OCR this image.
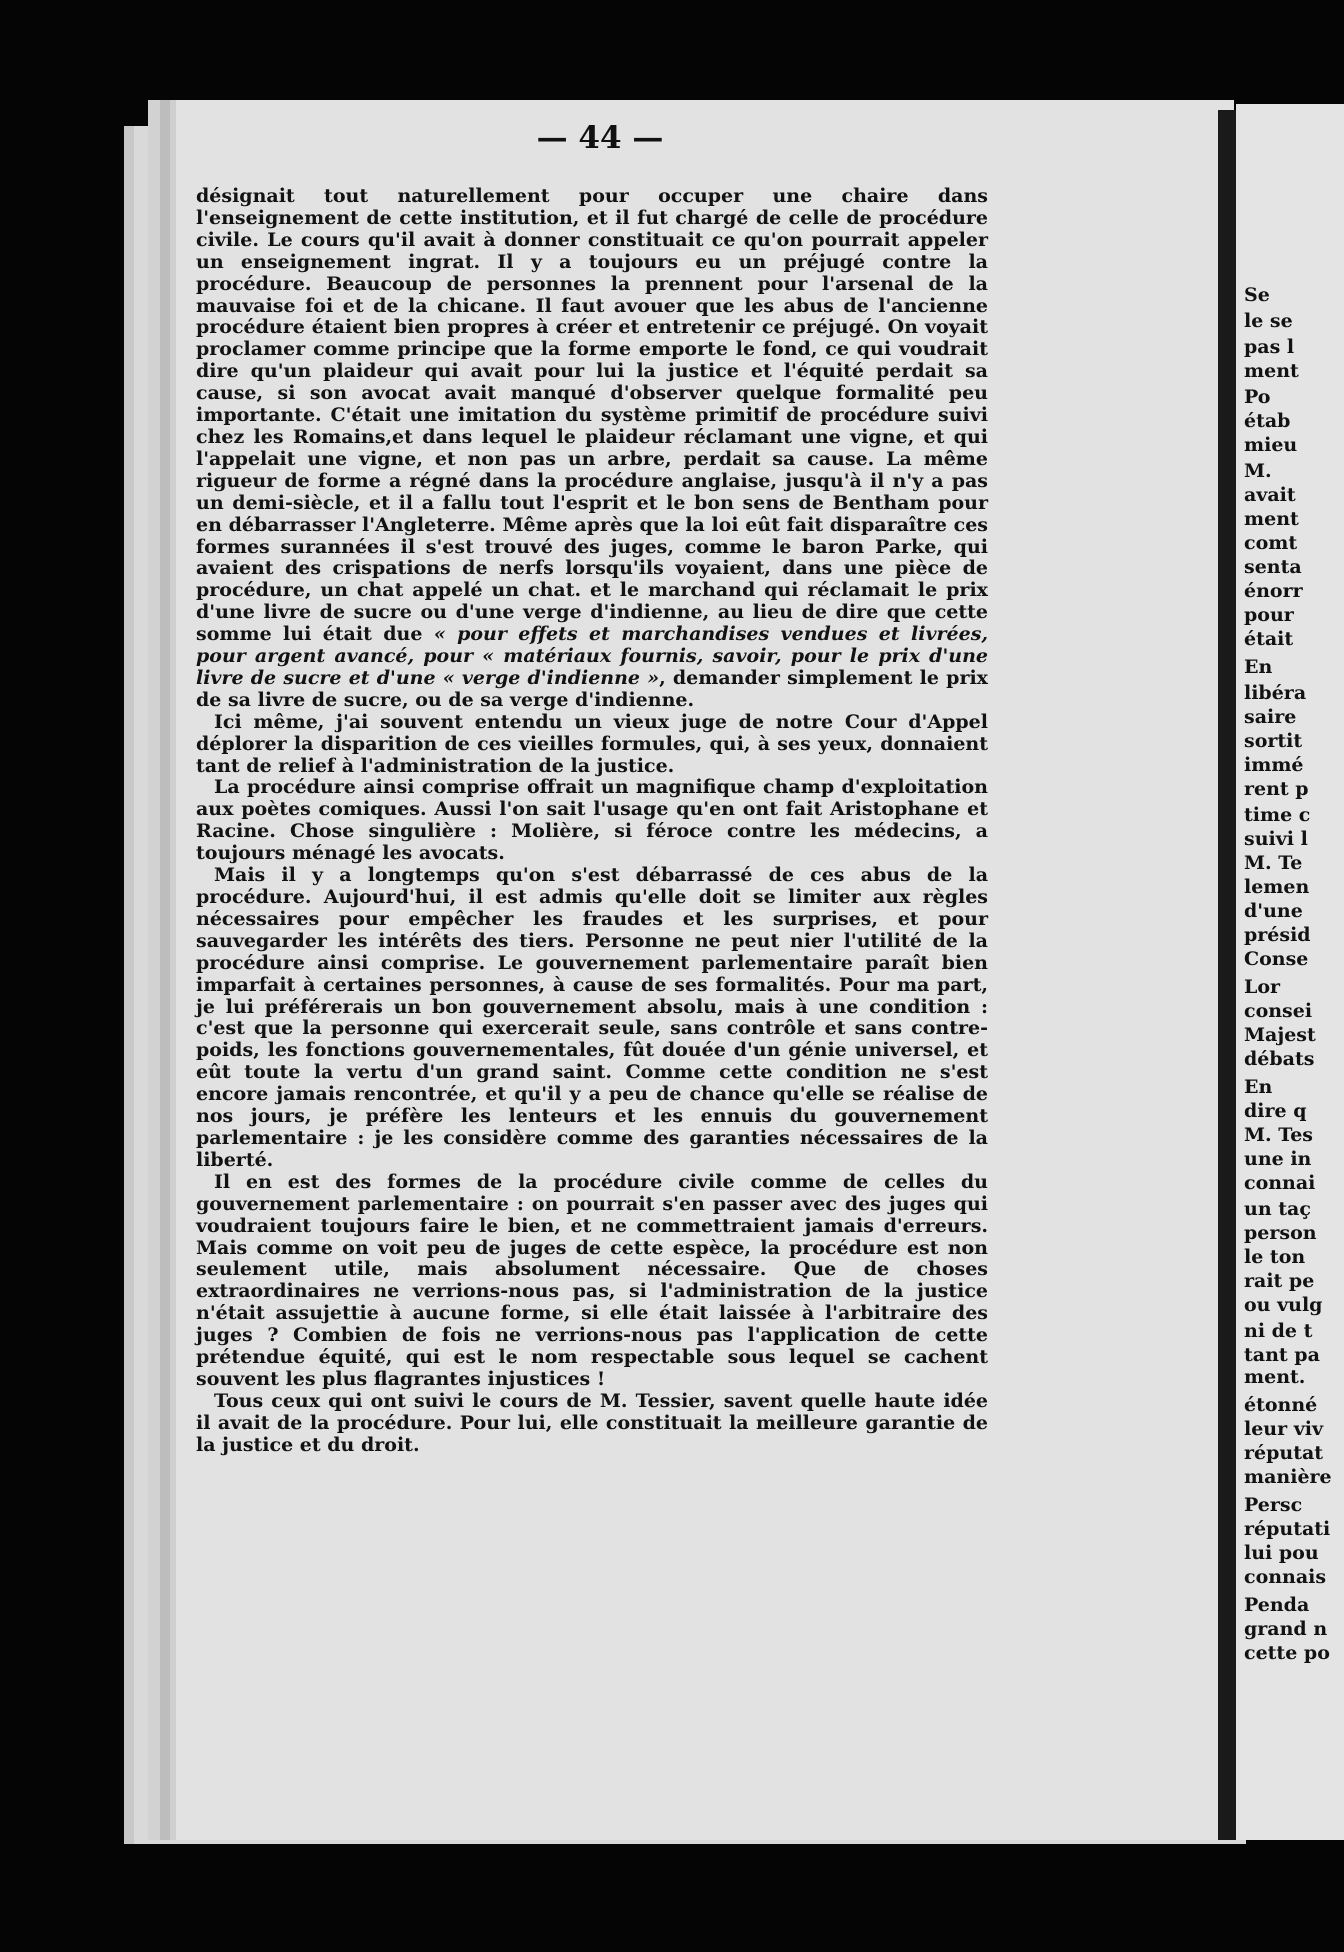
— 44 —

désignait tout naturellement pour occuper une chaire dans l'enseignement de cette institution, et il fut chargé de celle de procédure civile. Le cours qu'il avait à donner constituait ce qu'on pourrait appeler un enseignement ingrat. Il y a toujours eu un préjugé contre la procédure. Beaucoup de personnes la prennent pour l'arsenal de la mauvaise foi et de la chicane. Il faut avouer que les abus de l'ancienne procédure étaient bien propres à créer et entretenir ce préjugé. On voyait proclamer comme principe que la forme emporte le fond, ce qui voudrait dire qu'un plaideur qui avait pour lui la justice et l'équité perdait sa cause, si son avocat avait manqué d'observer quelque formalité peu importante. C'était une imitation du système primitif de procédure suivi chez les Romains,et dans lequel le plaideur réclamant une vigne, et qui l'appelait une vigne, et non pas un arbre, perdait sa cause. La même rigueur de forme a régné dans la procédure anglaise, jusqu'à il n'y a pas un demi-siècle, et il a fallu tout l'esprit et le bon sens de Bentham pour en débarrasser l'Angleterre. Même après que la loi eût fait disparaître ces formes surannées il s'est trouvé des juges, comme le baron Parke, qui avaient des crispations de nerfs lorsqu'ils voyaient, dans une pièce de procédure, un chat appelé un chat. et le marchand qui réclamait le prix d'une livre de sucre ou d'une verge d'indienne, au lieu de dire que cette somme lui était due « pour effets et marchandises vendues et livrées, pour argent avancé, pour « matériaux fournis, savoir, pour le prix d'une livre de sucre et d'une « verge d'indienne », demander simplement le prix de sa livre de sucre, ou de sa verge d'indienne.

Ici même, j'ai souvent entendu un vieux juge de notre Cour d'Appel déplorer la disparition de ces vieilles formules, qui, à ses yeux, donnaient tant de relief à l'administration de la justice.

La procédure ainsi comprise offrait un magnifique champ d'exploitation aux poètes comiques. Aussi l'on sait l'usage qu'en ont fait Aristophane et Racine. Chose singulière : Molière, si féroce contre les médecins, a toujours ménagé les avocats.

Mais il y a longtemps qu'on s'est débarrassé de ces abus de la procédure. Aujourd'hui, il est admis qu'elle doit se limiter aux règles nécessaires pour empêcher les fraudes et les surprises, et pour sauvegarder les intérêts des tiers. Personne ne peut nier l'utilité de la procédure ainsi comprise. Le gouvernement parlementaire paraît bien imparfait à certaines personnes, à cause de ses formalités. Pour ma part, je lui préférerais un bon gouvernement absolu, mais à une condition : c'est que la personne qui exercerait seule, sans contrôle et sans contre-poids, les fonctions gouvernementales, fût douée d'un génie universel, et eût toute la vertu d'un grand saint. Comme cette condition ne s'est encore jamais rencontrée, et qu'il y a peu de chance qu'elle se réalise de nos jours, je préfère les lenteurs et les ennuis du gouvernement parlementaire : je les considère comme des garanties nécessaires de la liberté.

Il en est des formes de la procédure civile comme de celles du gouvernement parlementaire : on pourrait s'en passer avec des juges qui voudraient toujours faire le bien, et ne commettraient jamais d'erreurs. Mais comme on voit peu de juges de cette espèce, la procédure est non seulement utile, mais absolument nécessaire. Que de choses extraordinaires ne verrions-nous pas, si l'administration de la justice n'était assujettie à aucune forme, si elle était laissée à l'arbitraire des juges ? Combien de fois ne verrions-nous pas l'application de cette prétendue équité, qui est le nom respectable sous lequel se cachent souvent les plus flagrantes injustices !

Tous ceux qui ont suivi le cours de M. Tessier, savent quelle haute idée il avait de la procédure. Pour lui, elle constituait la meilleure garantie de la justice et du droit.

Se
le se
pas l
ment
Po
étab
mieu
M.
avait
ment
comt
senta
énorr
pour
était
En
libéra
saire
sortit
immé
rent p
time c
suivi l
M. Te
lemen
d'une
présid
Conse
Lor
consei
Majest
débats
En
dire q
M. Tes
une in
connai
un taç
person
le ton
rait pe
ou vulg
ni de t
tant pa
ment.
étonné
leur viv
réputat
manière
Persc
réputati
lui pou
connais
Penda
grand n
cette po
